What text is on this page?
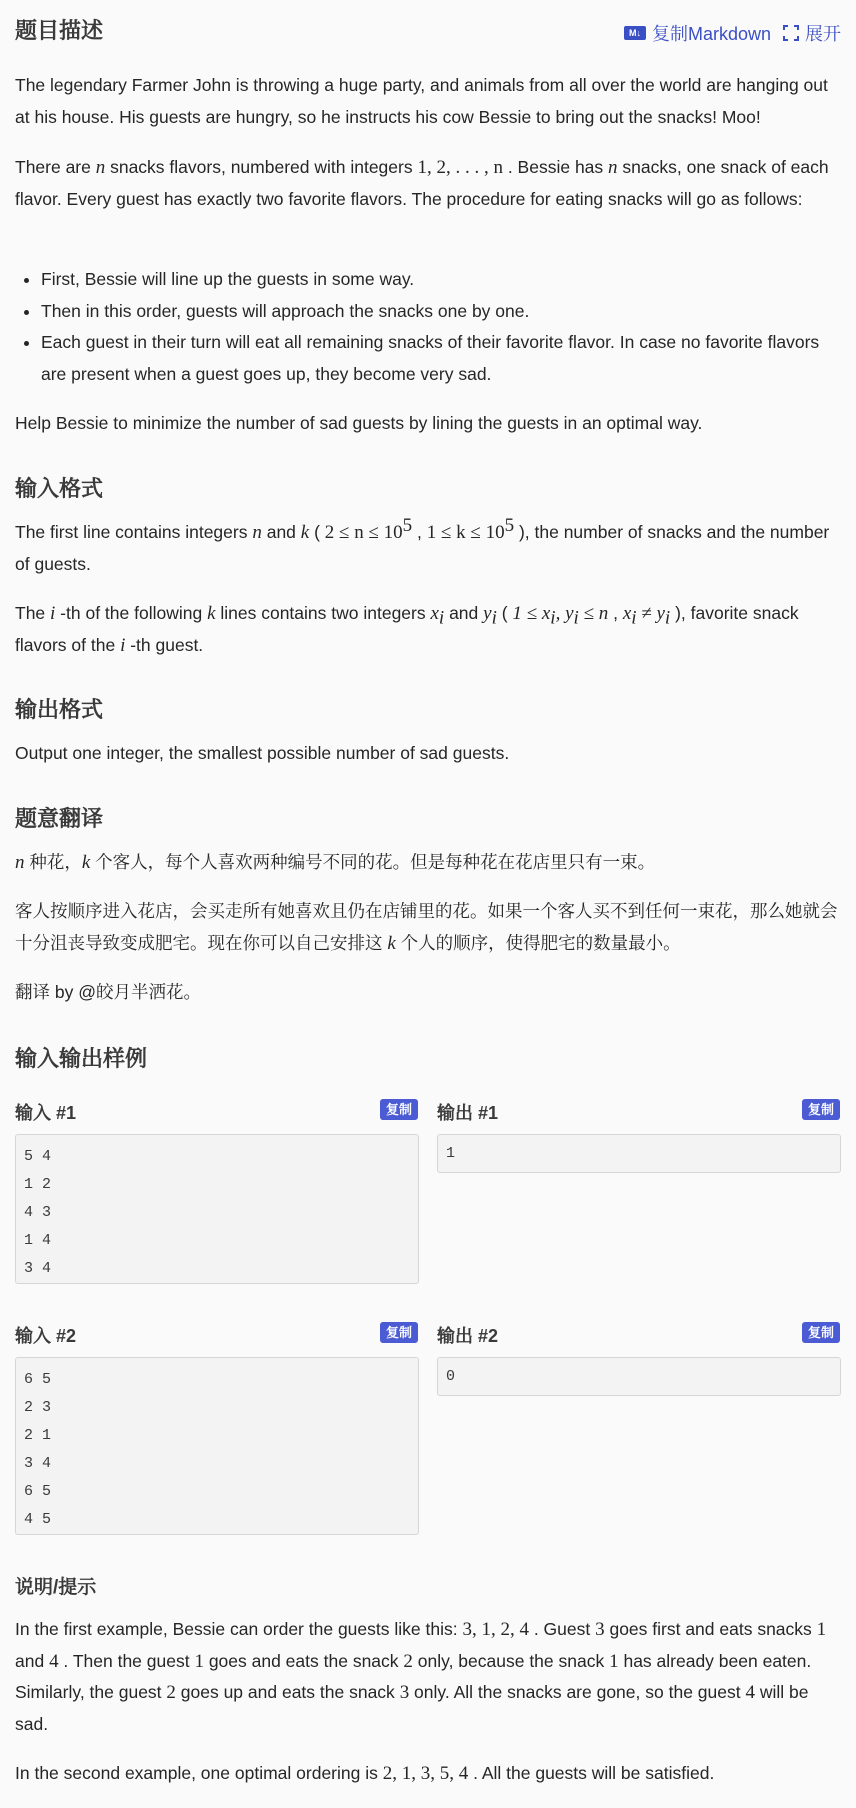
题目描述	M↓ 复制Markdown 展开

The legendary Farmer John is throwing a huge party, and animals from all over the world are hanging out at his house. His guests are hungry, so he instructs his cow Bessie to bring out the snacks! Moo!

There are n snacks flavors, numbered with integers 1, 2, . . . , n . Bessie has n snacks, one snack of each flavor. Every guest has exactly two favorite flavors. The procedure for eating snacks will go as follows:

• First, Bessie will line up the guests in some way.
• Then in this order, guests will approach the snacks one by one.
• Each guest in their turn will eat all remaining snacks of their favorite flavor. In case no favorite flavors are present when a guest goes up, they become very sad.

Help Bessie to minimize the number of sad guests by lining the guests in an optimal way.

输入格式

The first line contains integers n and k ( $2 \le n \le 10^5$ , $1 \le k \le 10^5$ ), the number of snacks and the number of guests.

The i -th of the following k lines contains two integers $x_i$ and $y_i$ ( $1 \le x_i$, $y_i \le n$ , $x_i \ne y_i$ ), favorite snack flavors of the i -th guest.

输出格式

Output one integer, the smallest possible number of sad guests.

题意翻译

n 种花，k 个客人，每个人喜欢两种编号不同的花。但是每种花在花店里只有一束。

客人按顺序进入花店，会买走所有她喜欢且仍在店铺里的花。如果一个客人买不到任何一束花，那么她就会十分沮丧导致变成肥宅。现在你可以自己安排这 k 个人的顺序，使得肥宅的数量最小。

翻译 by @皎月半洒花。

输入输出样例
输入 #1	复制	输出 #1	复制
5 4
1 2
4 3
1 4
3 4
1
输入 #2	复制	输出 #2	复制
6 5
2 3
2 1
3 4
6 5
4 5
0
说明/提示

In the first example, Bessie can order the guests like this: 3, 1, 2, 4 . Guest 3 goes first and eats snacks 1 and 4 . Then the guest 1 goes and eats the snack 2 only, because the snack 1 has already been eaten. Similarly, the guest 2 goes up and eats the snack 3 only. All the snacks are gone, so the guest 4 will be sad.

In the second example, one optimal ordering is 2, 1, 3, 5, 4 . All the guests will be satisfied.
